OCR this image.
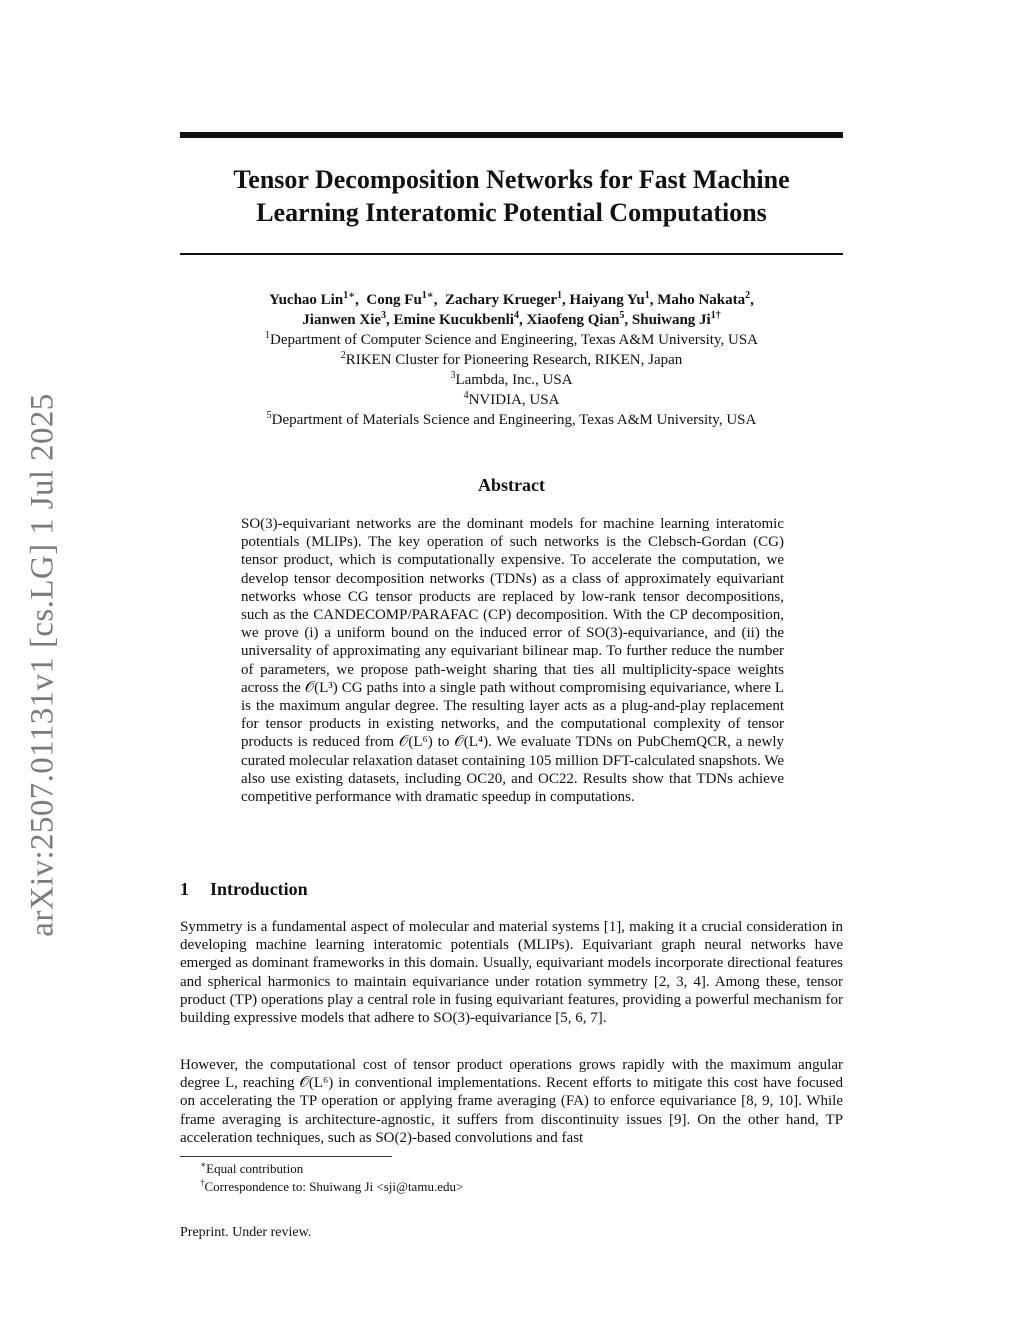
arXiv:2507.01131v1 [cs.LG] 1 Jul 2025
Tensor Decomposition Networks for Fast Machine
Learning Interatomic Potential Computations
Yuchao Lin$^{1∗}$,  Cong $Fu^{1∗}$,  Zachary Krueger$^1$, Haiyang Yu$^1$, Maho Nakata$^2$,
Jianwen Xie$^3$, Emine Kucukbenli$^4$, Xiaofeng Qian$^5$, Shuiwang $Ji^{1\dagger}$
$^1$Department of Computer Science and Engineering, Texas A&M University, USA
$^2$RIKEN Cluster for Pioneering Research, RIKEN, Japan
$^3$Lambda, Inc., USA
$^4$NVIDIA, USA
$^5$Department of Materials Science and Engineering, Texas A&M University, USA
Abstract
SO(3)-equivariant networks are the dominant models for machine learning interatomic potentials (MLIPs). The key operation of such networks is the Clebsch-Gordan (CG) tensor product, which is computationally expensive. To accelerate the computation, we develop tensor decomposition networks (TDNs) as a class of approximately equivariant networks whose CG tensor products are replaced by low-rank tensor decompositions, such as the CANDECOMP/PARAFAC (CP) decomposition. With the CP decomposition, we prove (i) a uniform bound on the induced error of SO(3)-equivariance, and (ii) the universality of approximating any equivariant bilinear map. To further reduce the number of parameters, we propose path-weight sharing that ties all multiplicity-space weights across the 𝒪(L³) CG paths into a single path without compromising equivariance, where L is the maximum angular degree. The resulting layer acts as a plug-and-play replacement for tensor products in existing networks, and the computational complexity of tensor products is reduced from 𝒪(L⁶) to 𝒪(L⁴). We evaluate TDNs on PubChemQCR, a newly curated molecular relaxation dataset containing 105 million DFT-calculated snapshots. We also use existing datasets, including OC20, and OC22. Results show that TDNs achieve competitive performance with dramatic speedup in computations.
1 Introduction
Symmetry is a fundamental aspect of molecular and material systems [1], making it a crucial consideration in developing machine learning interatomic potentials (MLIPs). Equivariant graph neural networks have emerged as dominant frameworks in this domain. Usually, equivariant models incorporate directional features and spherical harmonics to maintain equivariance under rotation symmetry [2, 3, 4]. Among these, tensor product (TP) operations play a central role in fusing equivariant features, providing a powerful mechanism for building expressive models that adhere to SO(3)-equivariance [5, 6, 7].
However, the computational cost of tensor product operations grows rapidly with the maximum angular degree L, reaching 𝒪(L⁶) in conventional implementations. Recent efforts to mitigate this cost have focused on accelerating the TP operation or applying frame averaging (FA) to enforce equivariance [8, 9, 10]. While frame averaging is architecture-agnostic, it suffers from discontinuity issues [9]. On the other hand, TP acceleration techniques, such as SO(2)-based convolutions and fast
∗Equal contribution
†Correspondence to: Shuiwang Ji <sji@tamu.edu>
Preprint. Under review.
